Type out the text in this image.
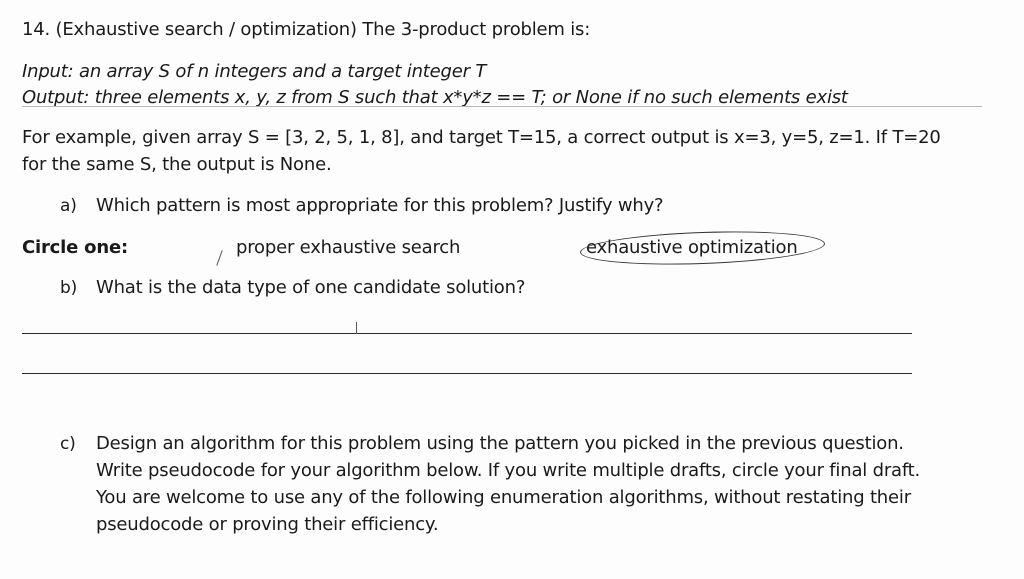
14. (Exhaustive search / optimization) The 3-product problem is:
Input: an array S of n integers and a target integer T
Output: three elements x, y, z from S such that x*y*z == T; or None if no such elements exist
For example, given array S = [3, 2, 5, 1, 8], and target T=15, a correct output is x=3, y=5, z=1. If T=20
for the same S, the output is None.
a) Which pattern is most appropriate for this problem? Justify why?
Circle one:	proper exhaustive search	exhaustive optimization
b) What is the data type of one candidate solution?
c) Design an algorithm for this problem using the pattern you picked in the previous question.
Write pseudocode for your algorithm below. If you write multiple drafts, circle your final draft.
You are welcome to use any of the following enumeration algorithms, without restating their
pseudocode or proving their efficiency.
